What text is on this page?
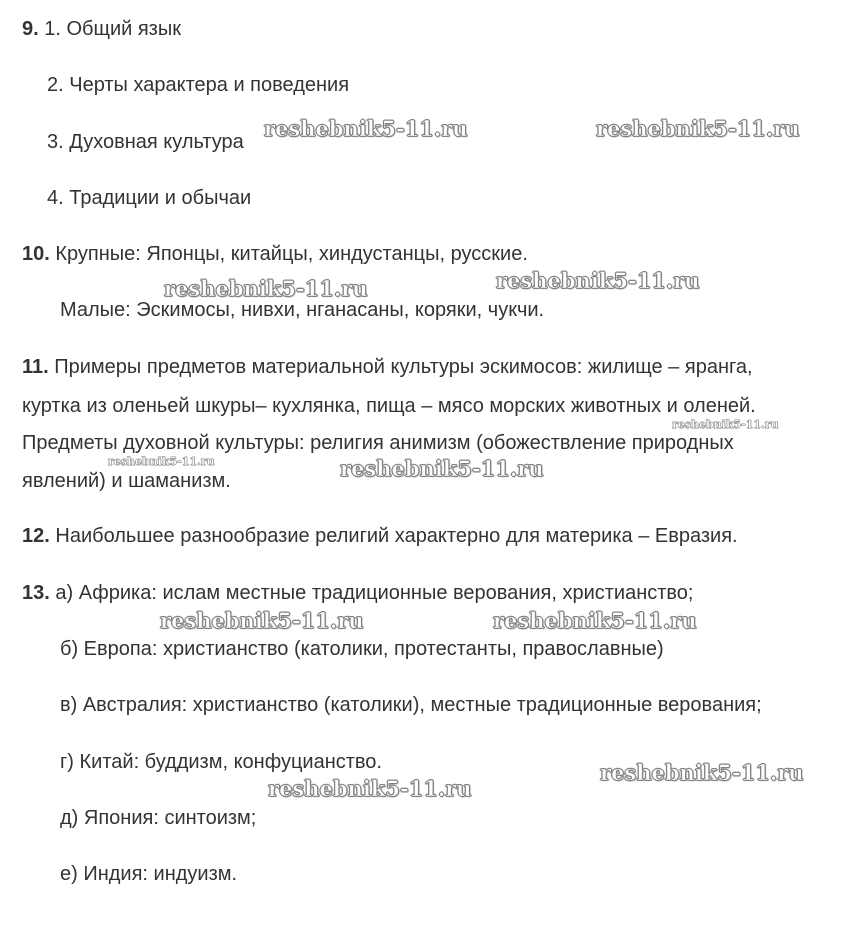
9. 1. Общий язык
2. Черты характера и поведения
3. Духовная культура
4. Традиции и обычаи
10. Крупные: Японцы, китайцы, хиндустанцы, русские.
Малые: Эскимосы, нивхи, нганасаны, коряки, чукчи.
11. Примеры предметов материальной культуры эскимосов: жилище – яранга,
куртка из оленьей шкуры– кухлянка, пища – мясо морских животных и оленей.
Предметы духовной культуры: религия анимизм (обожествление природных
явлений) и шаманизм.
12. Наибольшее разнообразие религий характерно для материка – Евразия.
13. а) Африка: ислам местные традиционные верования, христианство;
б) Европа: христианство (католики, протестанты, православные)
в) Австралия: христианство (католики), местные традиционные верования;
г) Китай: буддизм, конфуцианство.
д) Япония: синтоизм;
е) Индия: индуизм.
reshebnik5-11.ru	reshebnik5-11.ru
reshebnik5-11.ru
reshebnik5-11.ru
reshebnik5-11.ru
reshebnik5-11.ru	reshebnik5-11.ru
reshebnik5-11.ru	reshebnik5-11.ru
reshebnik5-11.ru
reshebnik5-11.ru
